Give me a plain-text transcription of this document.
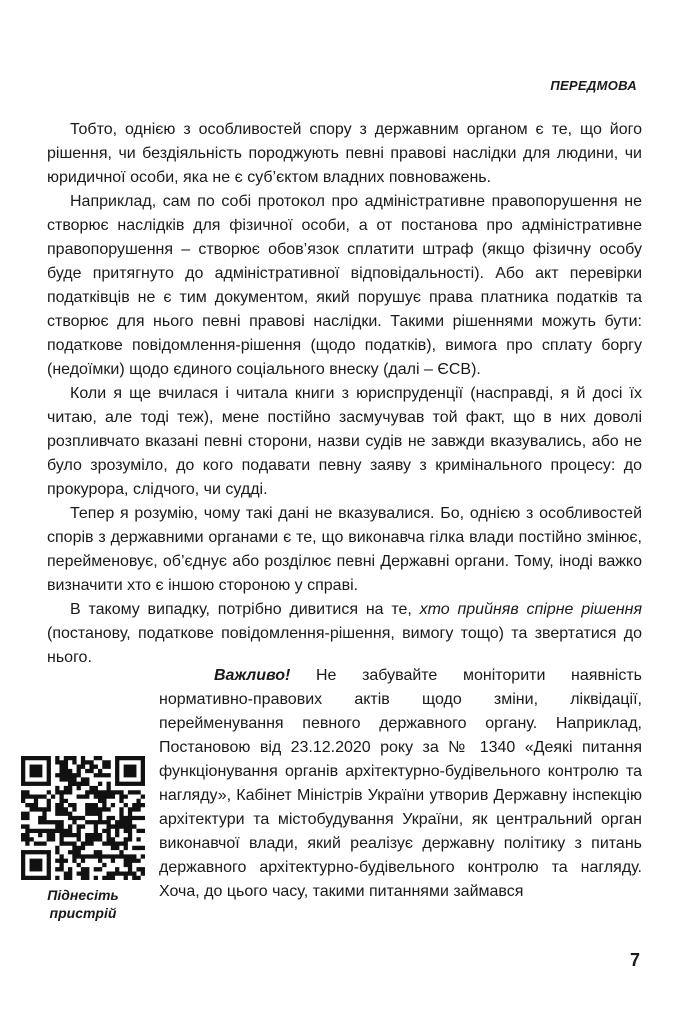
ПЕРЕДМОВА

Тобто, однією з особливостей спору з державним органом є те, що його рішення, чи бездіяльність породжують певні правові наслідки для людини, чи юридичної особи, яка не є суб’єктом владних повноважень.

Наприклад, сам по собі протокол про адміністративне правопорушення не створює наслідків для фізичної особи, а от постанова про адміністративне правопорушення – створює обов’язок сплатити штраф (якщо фізичну особу буде притягнуто до адміністративної відповідальності). Або акт перевірки податківців не є тим документом, який порушує права платника податків та створює для нього певні правові наслідки. Такими рішеннями можуть бути: податкове повідомлення-рішення (щодо податків), вимога про сплату боргу (недоїмки) щодо єдиного соціального внеску (далі – ЄСВ).

Коли я ще вчилася і читала книги з юриспруденції (насправді, я й досі їх читаю, але тоді теж), мене постійно засмучував той факт, що в них доволі розпливчато вказані певні сторони, назви судів не завжди вказувались, або не було зрозуміло, до кого подавати певну заяву з кримінального процесу: до прокурора, слідчого, чи судді.

Тепер я розумію, чому такі дані не вказувалися. Бо, однією з особливостей спорів з державними органами є те, що виконавча гілка влади постійно змінює, перейменовує, об’єднує або розділює певні Державні органи. Тому, іноді важко визначити хто є іншою стороною у справі.

В такому випадку, потрібно дивитися на те, хто прийняв спірне рішення (постанову, податкове повідомлення-рішення, вимогу тощо) та звертатися до нього.

Піднесіть пристрій

Важливо! Не забувайте моніторити наявність нормативно-правових актів щодо зміни, ліквідації, перейменування певного державного органу. Наприклад, Постановою від 23.12.2020 року за № 1340 «Деякі питання функціонування органів архітектурно-будівельного контролю та нагляду», Кабінет Міністрів України утворив Державну інспекцію архітектури та містобудування України, як центральний орган виконавчої влади, який реалізує державну політику з питань державного архітектурно-будівельного контролю та нагляду. Хоча, до цього часу, такими питаннями займався

7
